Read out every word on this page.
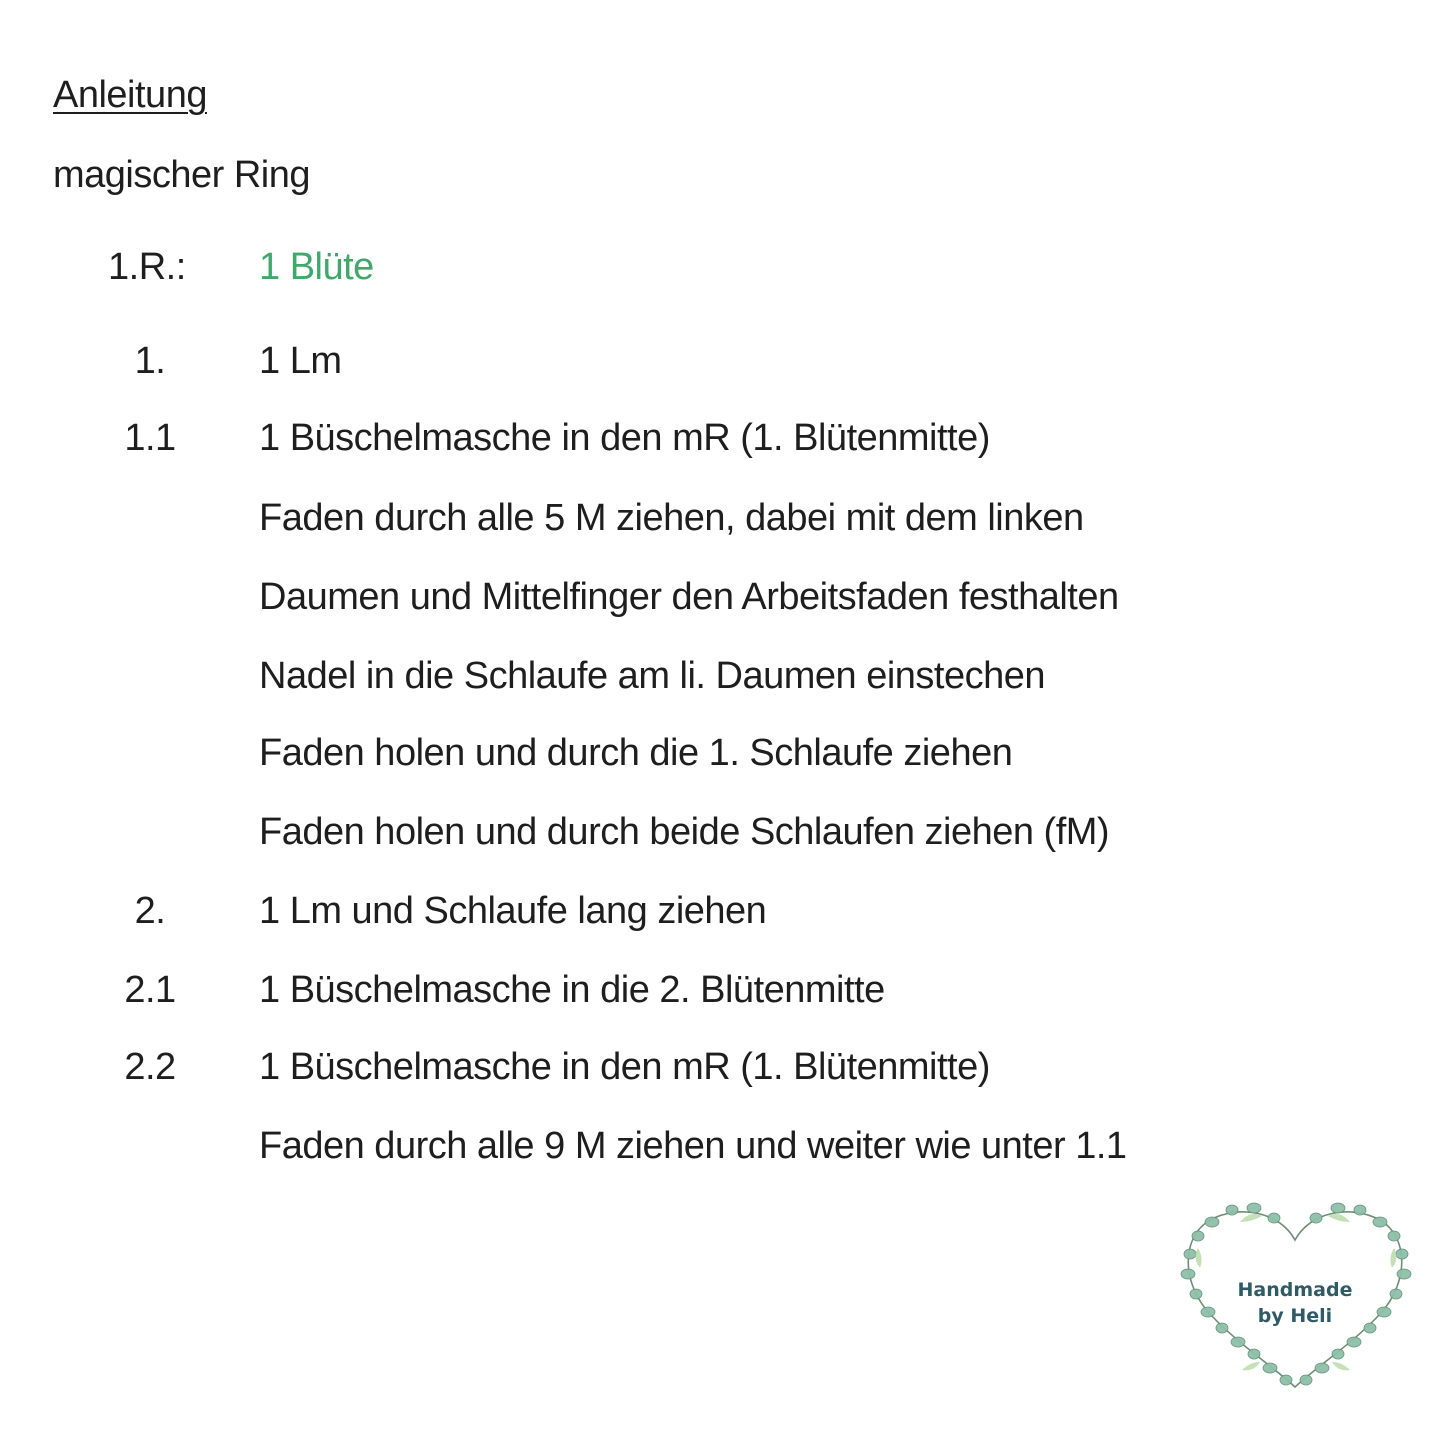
Anleitung
magischer Ring
1.R.: 1 Blüte
1.	1 Lm
1.1	1 Büschelmasche in den mR (1. Blütenmitte)
Faden durch alle 5 M ziehen, dabei mit dem linken
Daumen und Mittelfinger den Arbeitsfaden festhalten
Nadel in die Schlaufe am li. Daumen einstechen
Faden holen und durch die 1. Schlaufe ziehen
Faden holen und durch beide Schlaufen ziehen (fM)
2.	1 Lm und Schlaufe lang ziehen
2.1	1 Büschelmasche in die 2. Blütenmitte
2.2	1 Büschelmasche in den mR (1. Blütenmitte)
Faden durch alle 9 M ziehen und weiter wie unter 1.1
Handmade
by Heli
